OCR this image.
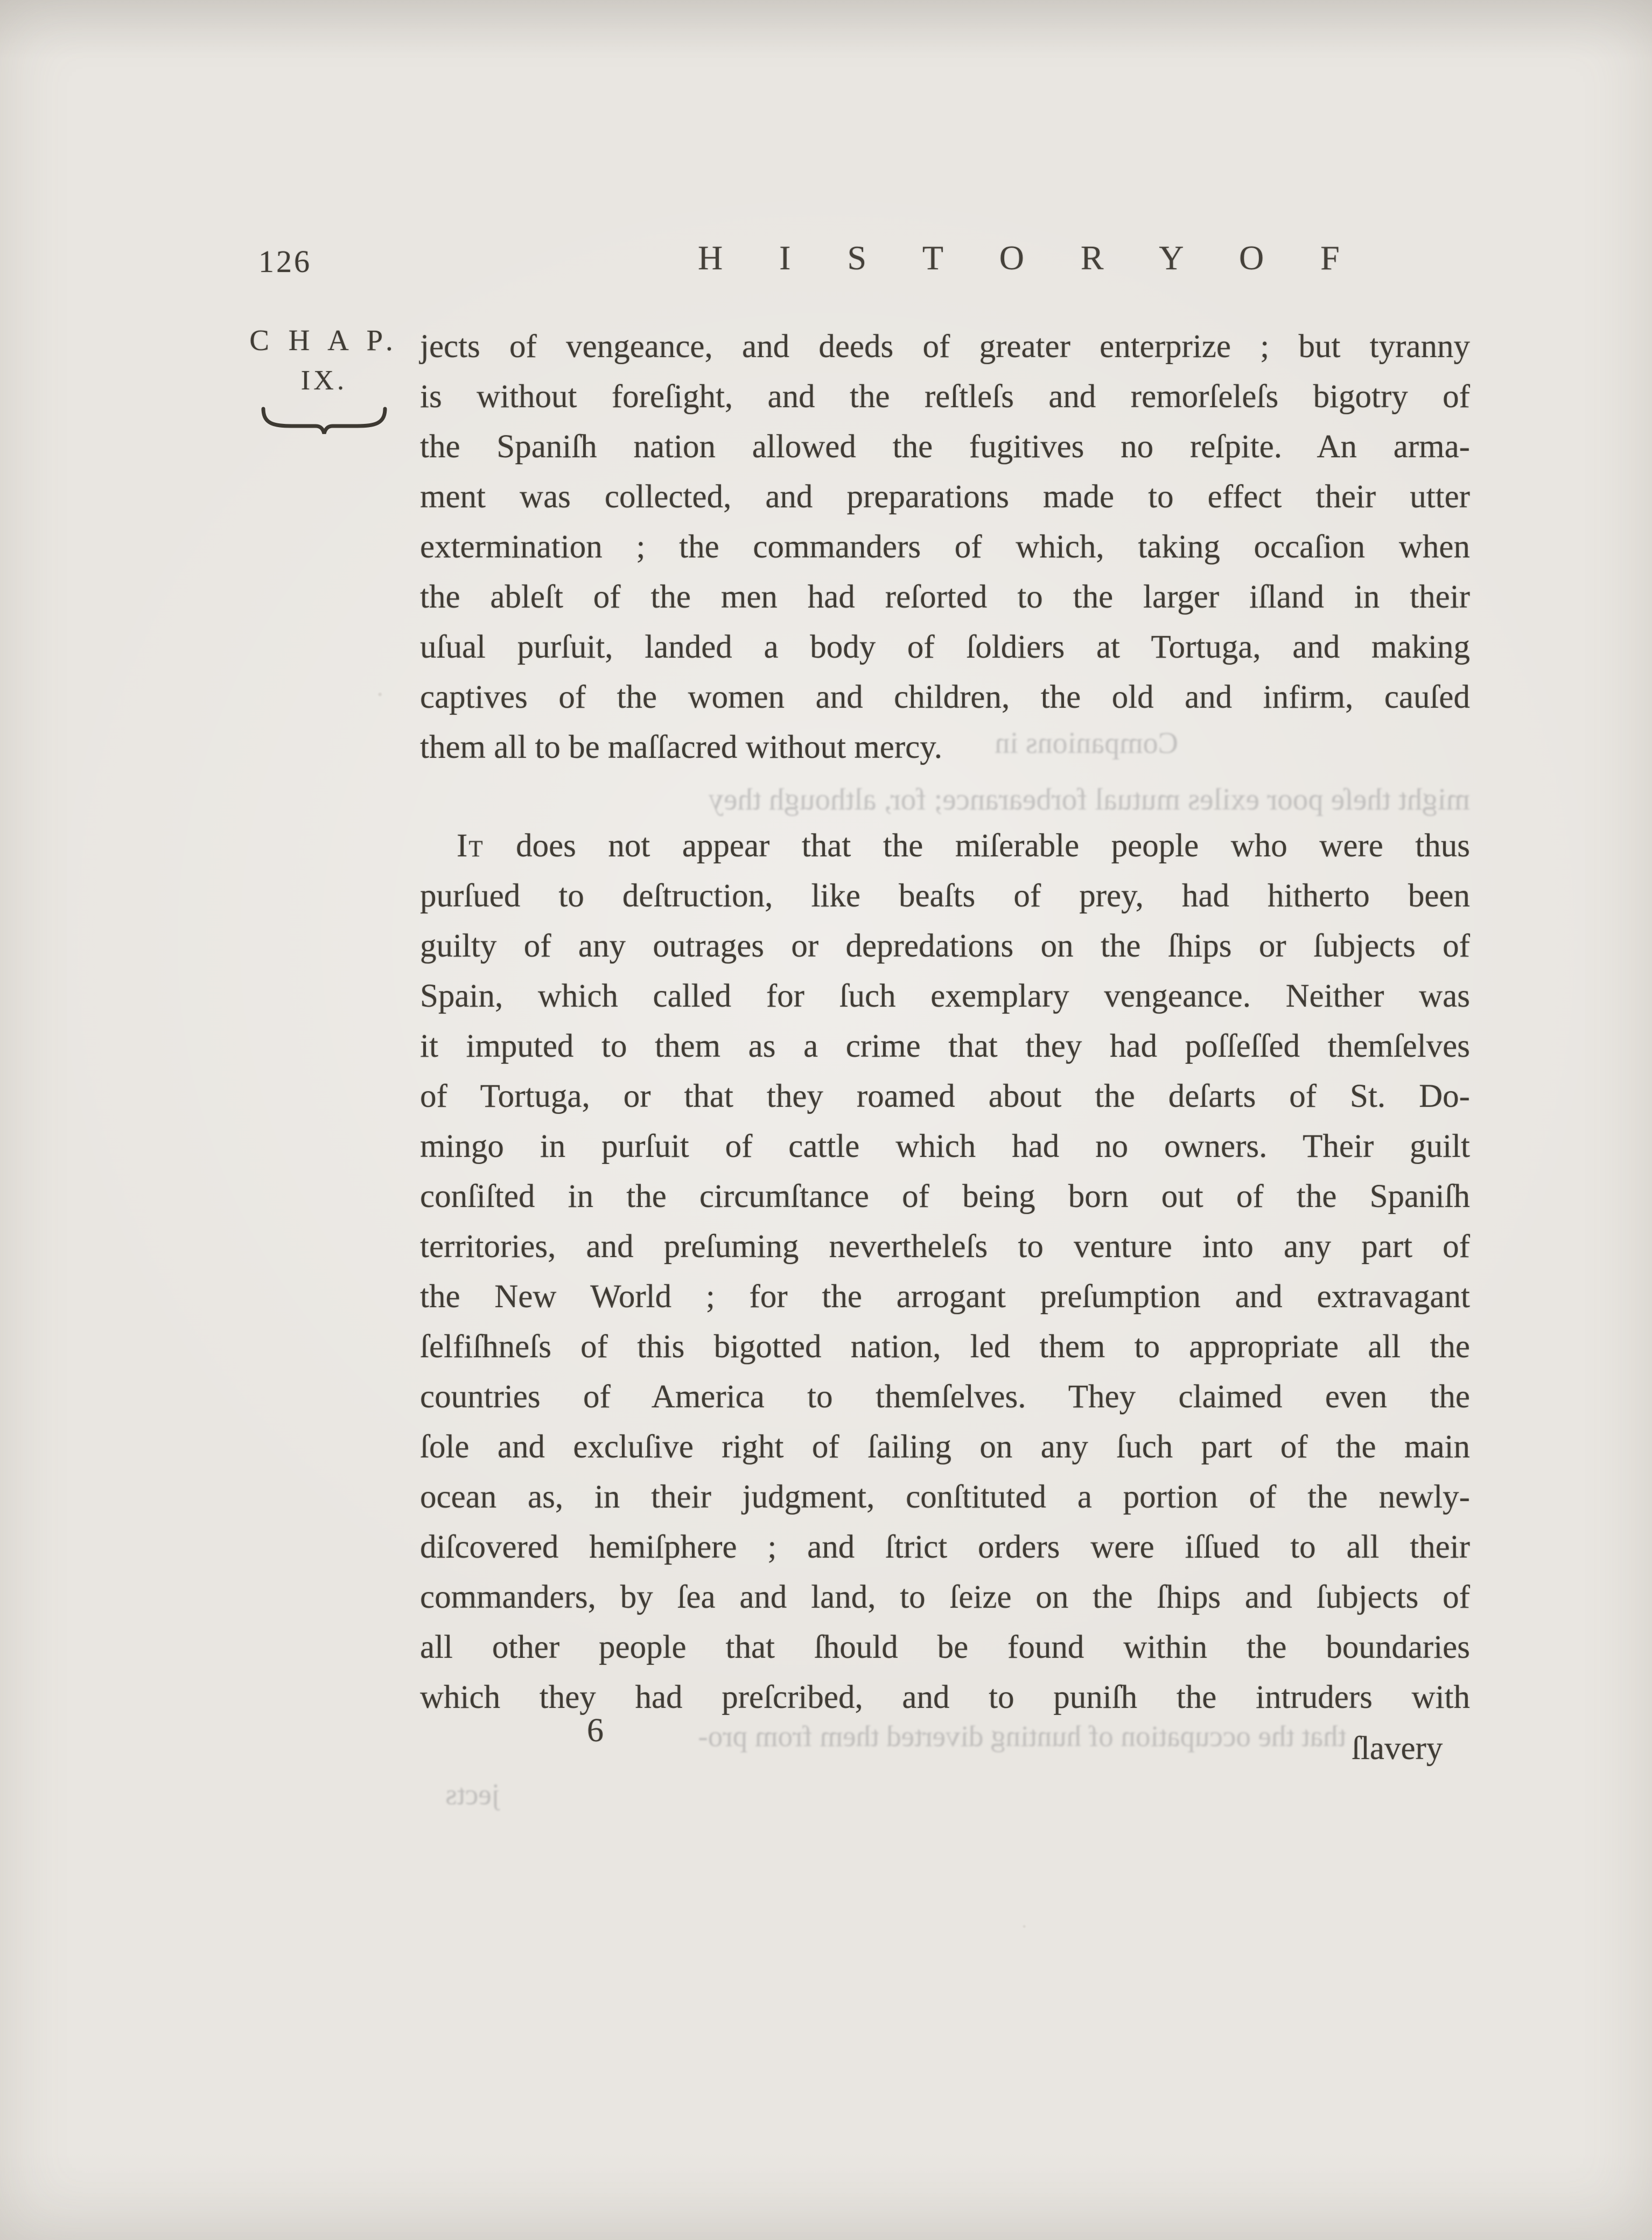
126	H I S T O R Y O F
C H A P.
IX.
Companions in
might theſe poor exiles mutual forbearance; for, although they
that the occupation of hunting diverted them from pro-
jects
jects of vengeance, and deeds of greater enterprize ; but tyranny
is without foreſight, and the reſtleſs and remorſeleſs bigotry of
the Spaniſh nation allowed the fugitives no reſpite. An arma-
ment was collected, and preparations made to effect their utter
extermination ; the commanders of which, taking occaſion when
the ableſt of the men had reſorted to the larger iſland in their
uſual purſuit, landed a body of ſoldiers at Tortuga, and making
captives of the women and children, the old and infirm, cauſed
them all to be maſſacred without mercy.
It does not appear that the miſerable people who were thus
purſued to deſtruction, like beaſts of prey, had hitherto been
guilty of any outrages or depredations on the ſhips or ſubjects of
Spain, which called for ſuch exemplary vengeance. Neither was
it imputed to them as a crime that they had poſſeſſed themſelves
of Tortuga, or that they roamed about the deſarts of St. Do-
mingo in purſuit of cattle which had no owners. Their guilt
conſiſted in the circumſtance of being born out of the Spaniſh
territories, and preſuming nevertheleſs to venture into any part of
the New World ; for the arrogant preſumption and extravagant
ſelfiſhneſs of this bigotted nation, led them to appropriate all the
countries of America to themſelves. They claimed even the
ſole and excluſive right of ſailing on any ſuch part of the main
ocean as, in their judgment, conſtituted a portion of the newly-
diſcovered hemiſphere ; and ſtrict orders were iſſued to all their
commanders, by ſea and land, to ſeize on the ſhips and ſubjects of
all other people that ſhould be found within the boundaries
which they had preſcribed, and to puniſh the intruders with
6	ſlavery
